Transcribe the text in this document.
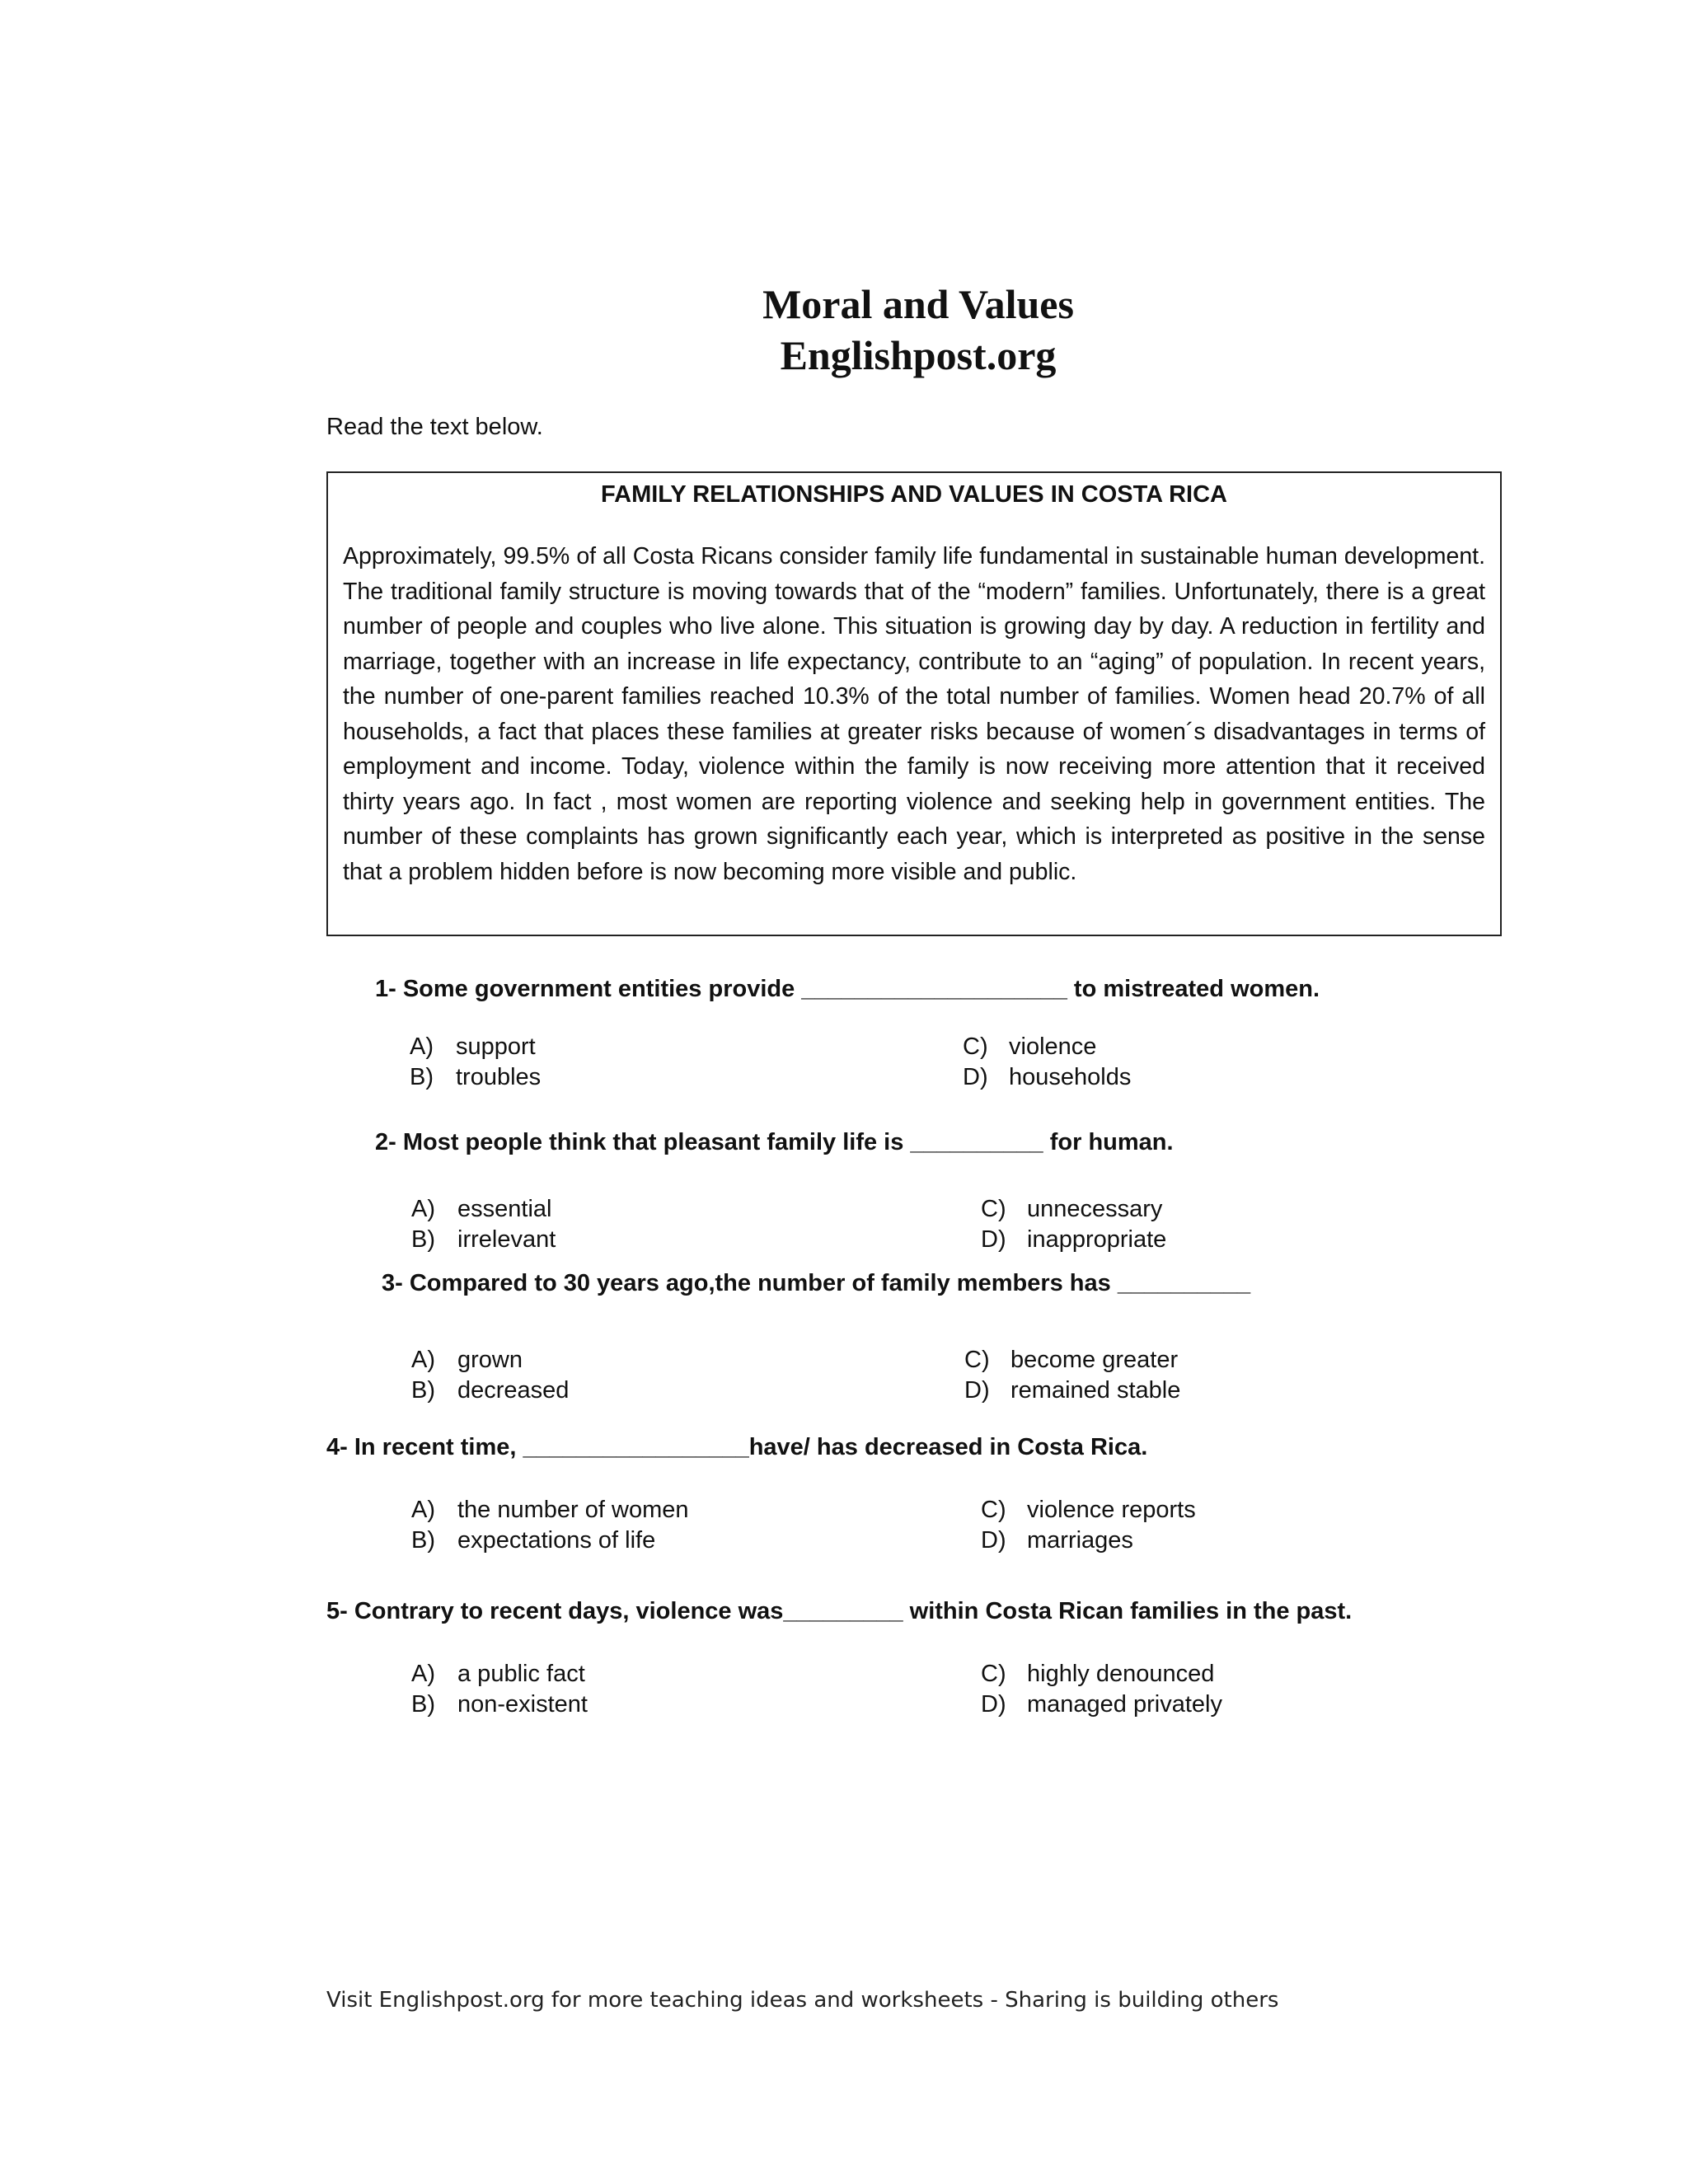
Moral and Values
Englishpost.org
Read the text below.
FAMILY RELATIONSHIPS AND VALUES IN COSTA RICA

Approximately, 99.5% of all Costa Ricans consider family life fundamental in sustainable human development. The traditional family structure is moving towards that of the “modern” families. Unfortunately, there is a great number of people and couples who live alone. This situation is growing day by day. A reduction in fertility and marriage, together with an increase in life expectancy, contribute to an “aging” of population. In recent years, the number of one-parent families reached 10.3% of the total number of families. Women head 20.7% of all households, a fact that places these families at greater risks because of women´s disadvantages in terms of employment and income. Today, violence within the family is now receiving more attention that it received thirty years ago. In fact , most women are reporting violence and seeking help in government entities. The number of these complaints has grown significantly each year, which is interpreted as positive in the sense that a problem hidden before is now becoming more visible and public.

1- Some government entities provide ____________________ to mistreated women.
A) support
B) troubles
C) violence
D) households
2- Most people think that pleasant family life is __________ for human.
A) essential
B) irrelevant
C) unnecessary
D) inappropriate
3- Compared to 30 years ago,the number of family members has __________
A) grown
B) decreased
C) become greater
D) remained stable
4- In recent time, _________________have/ has decreased in Costa Rica.
A) the number of women
B) expectations of life
C) violence reports
D) marriages
5- Contrary to recent days, violence was_________ within Costa Rican families in the past.
A) a public fact
B) non-existent
C) highly denounced
D) managed privately
Visit Englishpost.org for more teaching ideas and worksheets - Sharing is building others
